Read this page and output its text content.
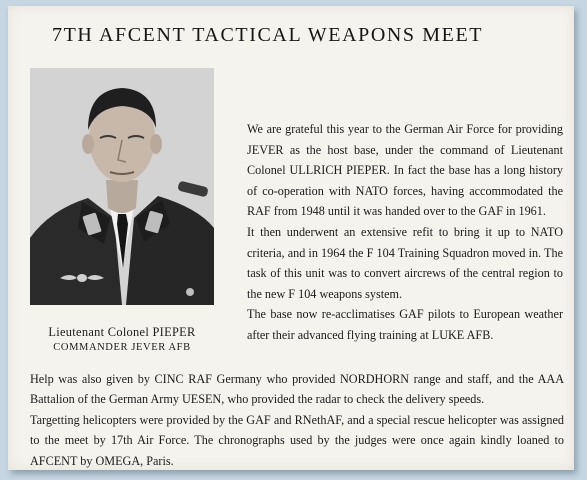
7TH AFCENT TACTICAL WEAPONS MEET
Lieutenant Colonel PIEPER
COMMANDER JEVER AFB

We are grateful this year to the German Air Force for providing JEVER as the host base, under the command of Lieutenant Colonel ULLRICH PIEPER. In fact the base has a long history of co-operation with NATO forces, having accommodated the RAF from 1948 until it was handed over to the GAF in 1961.

It then underwent an extensive refit to bring it up to NATO criteria, and in 1964 the F 104 Training Squadron moved in. The task of this unit was to convert aircrews of the central region to the new F 104 weapons system.

The base now re-acclimatises GAF pilots to European weather after their advanced flying training at LUKE AFB.

Help was also given by CINC RAF Germany who provided NORDHORN range and staff, and the AAA Battalion of the German Army UESEN, who provided the radar to check the delivery speeds.

Targetting helicopters were provided by the GAF and RNethAF, and a special rescue helicopter was assigned to the meet by 17th Air Force. The chronographs used by the judges were once again kindly loaned to AFCENT by OMEGA, Paris.
